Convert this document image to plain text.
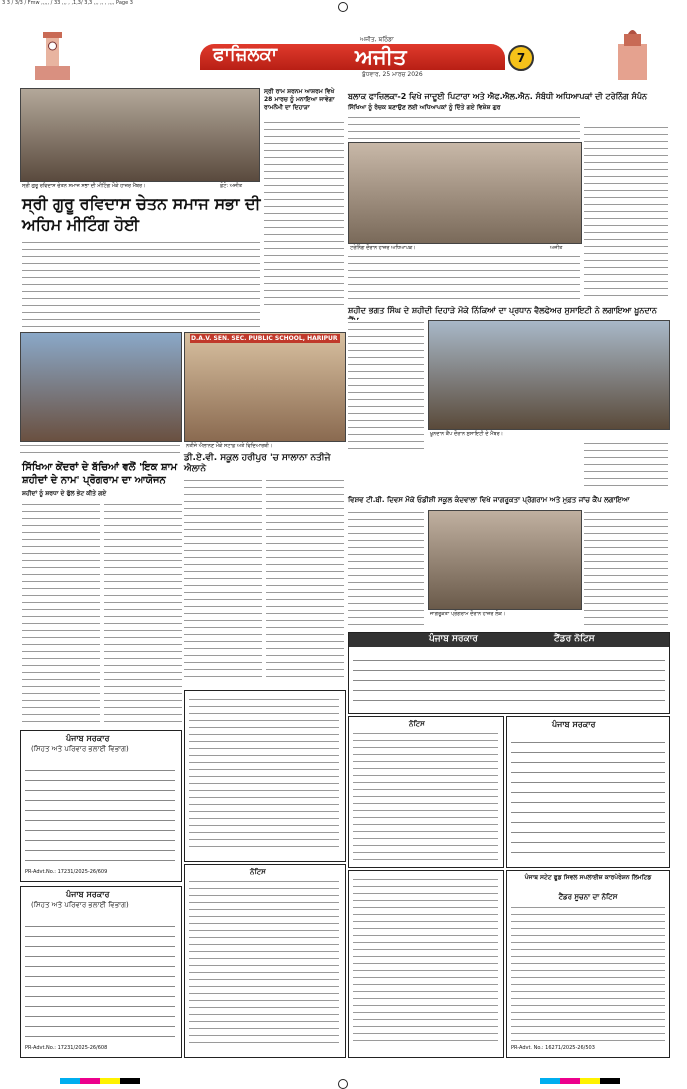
3 3 / 3/3 / Fmw ,,,,, / 33 ,,, , ,1,3/ 3,3 ,,, ,, , ,,,, Page 3
ਅਜੀਤ, ਬਠਿੰਡਾ
ਫਾਜ਼ਿਲਕਾ	ਅਜੀਤ
ਬੁੱਧਵਾਰ, 25 ਮਾਰਚ 2026
7
ਸ੍ਰੀ ਗੁਰੂ ਰਵਿਦਾਸ ਚੇਤਨ ਸਮਾਜ ਸਭਾ ਦੀ ਮੀਟਿੰਗ ਮੌਕੇ ਹਾਜ਼ਰ ਮੈਂਬਰ।	ਫ਼ੋਟੋ: ਅਜੀਤ
ਸ੍ਰੀ ਗੁਰੂ ਰਵਿਦਾਸ ਚੇਤਨ ਸਮਾਜ ਸਭਾ ਦੀ ਅਹਿਮ ਮੀਟਿੰਗ ਹੋਈ
ਸਿੱਖਿਆ ਕੇਂਦਰਾਂ ਦੇ ਬੱਚਿਆਂ ਵਲੋਂ 'ਇਕ ਸ਼ਾਮ ਸ਼ਹੀਦਾਂ ਦੇ ਨਾਮ' ਪ੍ਰੋਗਰਾਮ ਦਾ ਆਯੋਜਨ
ਸ਼ਹੀਦਾਂ ਨੂੰ ਸ਼ਰਧਾ ਦੇ ਫੁੱਲ ਭੇਟ ਕੀਤੇ ਗਏ
ਸ੍ਰੀ ਰਾਮ ਸ਼ਰਨਮ ਆਸ਼ਰਮ ਵਿਖੇ 28 ਮਾਰਚ ਨੂੰ ਮਨਾਇਆ ਜਾਵੇਗਾ ਰਾਮਨੌਮੀ ਦਾ ਦਿਹਾੜਾ
D.A.V. SEN. SEC. PUBLIC SCHOOL, HARIPUR
ਨਤੀਜੇ ਐਲਾਨਣ ਮੌਕੇ ਸਟਾਫ਼ ਅਤੇ ਵਿਦਿਆਰਥੀ।
ਡੀ.ਏ.ਵੀ. ਸਕੂਲ ਹਰੀਪੁਰ 'ਚ ਸਾਲਾਨਾ ਨਤੀਜੇ ਐਲਾਨੇ
ਬਲਾਕ ਫਾਜ਼ਿਲਕਾ-2 ਵਿਖੇ ਜਾਦੂਈ ਪਿਟਾਰਾ ਅਤੇ ਐਫ.ਐਲ.ਐਨ. ਸੰਬੰਧੀ ਅਧਿਆਪਕਾਂ ਦੀ ਟਰੇਨਿੰਗ ਸੰਪੰਨ
ਸਿੱਖਿਆ ਨੂੰ ਰੋਚਕ ਬਣਾਉਣ ਲਈ ਅਧਿਆਪਕਾਂ ਨੂੰ ਦਿੱਤੇ ਗਏ ਵਿਸ਼ੇਸ਼ ਗੁਰ
ਟਰੇਨਿੰਗ ਦੌਰਾਨ ਹਾਜ਼ਰ ਅਧਿਆਪਕ।	ਅਜੀਤ
ਸ਼ਹੀਦ ਭਗਤ ਸਿੰਘ ਦੇ ਸ਼ਹੀਦੀ ਦਿਹਾੜੇ ਮੌਕੇ ਨਿੱਕਿਆਂ ਦਾ ਪ੍ਰਧਾਨ ਵੈਲਫੇਅਰ ਸੁਸਾਇਟੀ ਨੇ ਲਗਾਇਆ ਖ਼ੂਨਦਾਨ
ਖ਼ੂਨਦਾਨ ਕੈਂਪ ਦੌਰਾਨ ਸੁਸਾਇਟੀ ਦੇ ਮੈਂਬਰ।
ਵਿਸ਼ਵ ਟੀ.ਬੀ. ਦਿਵਸ ਮੌਕੇ ਓਡੀਸ਼ੀ ਸਕੂਲ ਕੰਦਵਾਲਾ ਵਿਖੇ ਜਾਗਰੂਕਤਾ ਪ੍ਰੋਗਰਾਮ ਅਤੇ ਮੁਫ਼ਤ ਜਾਂਚ ਕੈਂਪ ਲਗਾਇਆ
ਜਾਗਰੂਕਤਾ ਪ੍ਰੋਗਰਾਮ ਦੌਰਾਨ ਹਾਜ਼ਰ ਲੋਕ।
ਪੰਜਾਬ ਸਰਕਾਰ	ਟੈਂਡਰ ਨੋਟਿਸ
ਪੰਜਾਬ ਸਰਕਾਰ
(ਸਿਹਤ ਅਤੇ ਪਰਿਵਾਰ ਭਲਾਈ ਵਿਭਾਗ)
PR-Advt.No.: 17231/2025-26/609
ਪੰਜਾਬ ਸਰਕਾਰ
(ਸਿਹਤ ਅਤੇ ਪਰਿਵਾਰ ਭਲਾਈ ਵਿਭਾਗ)
PR-Advt.No.: 17231/2025-26/608
ਨੋਟਿਸ
ਨੋਟਿਸ	ਪੰਜਾਬ ਸਰਕਾਰ
ਪੰਜਾਬ ਸਟੇਟ ਫੂਡ ਸਿਵਲ ਸਪਲਾਈਜ਼ ਕਾਰਪੋਰੇਸ਼ਨ ਲਿਮਟਿਡ
ਟੈਂਡਰ ਸੂਚਨਾ ਦਾ ਨੋਟਿਸ
PR-Advt. No.: 16271/2025-26/503
